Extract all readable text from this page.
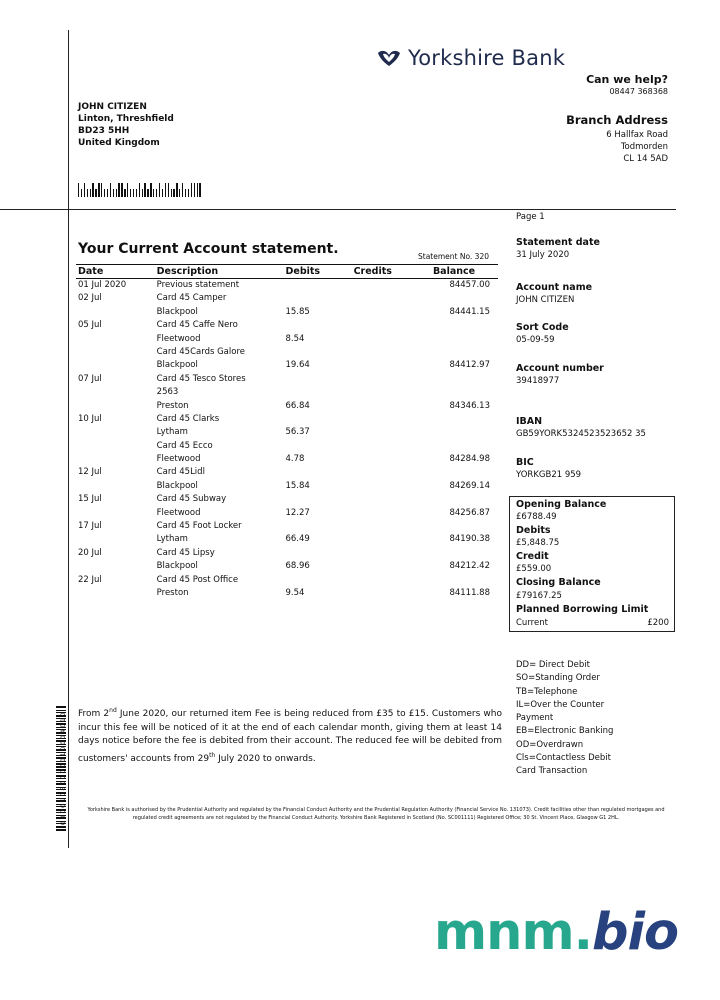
Yorkshire Bank
Can we help?
08447 368368
Branch Address
6 Hallfax Road
Todmorden
CL 14 5AD
JOHN CITIZEN
Linton, Threshfield
BD23 5HH
United Kingdom
Page 1
Your Current Account statement.	Statement No. 320
Date	Description	Debits	Credits	Balance
01 Jul 2020	Previous statement			84457.00
02 Jul	Card 45 Camper			
	Blackpool	15.85		84441.15
05 Jul	Card 45 Caffe Nero			
	Fleetwood	8.54		
	Card 45Cards Galore			
	Blackpool	19.64		84412.97
07 Jul	Card 45 Tesco Stores			
	2563			
	Preston	66.84		84346.13
10 Jul	Card 45 Clarks			
	Lytham	56.37		
	Card 45 Ecco			
	Fleetwood	4.78		84284.98
12 Jul	Card 45Lidl			
	Blackpool	15.84		84269.14
15 Jul	Card 45 Subway			
	Fleetwood	12.27		84256.87
17 Jul	Card 45 Foot Locker			
	Lytham	66.49		84190.38
20 Jul	Card 45 Lipsy			
	Blackpool	68.96		84212.42
22 Jul	Card 45 Post Office			
	Preston	9.54		84111.88
Statement date
31 July 2020
Account name
JOHN CITIZEN
Sort Code
05-09-59
Account number
39418977
IBAN
GB59YORK5324523523652 35
BIC
YORKGB21 959
Opening Balance
£6788.49
Debits
£5,848.75
Credit
£559.00
Closing Balance
£79167.25
Planned Borrowing Limit
Current	£200
DD= Direct Debit
SO=Standing Order
TB=Telephone
IL=Over the Counter
Payment
EB=Electronic Banking
OD=Overdrawn
Cls=Contactless Debit
Card Transaction
From 2nd June 2020, our returned item Fee is being reduced from £35 to £15. Customers who incur this fee will be noticed of it at the end of each calendar month, giving them at least 14 days notice before the fee is debited from their account. The reduced fee will be debited from customers' accounts from 29th July 2020 to onwards.
Yorkshire Bank is authorised by the Prudential Authority and regulated by the Financial Conduct Authority and the Prudential Regulation Authority (Financial Service No. 131073). Credit facilities other than regulated mortgages and regulated credit agreements are not regulated by the Financial Conduct Authority. Yorkshire Bank Registered in Scotland (No. SC001111) Registered Office; 30 St. Vincent Place, Glasgow G1 2HL.
0 0 0 0 1 0 8 0 0 0 0 0 1 0 0 0 4 0 1 0
mnm.bio
